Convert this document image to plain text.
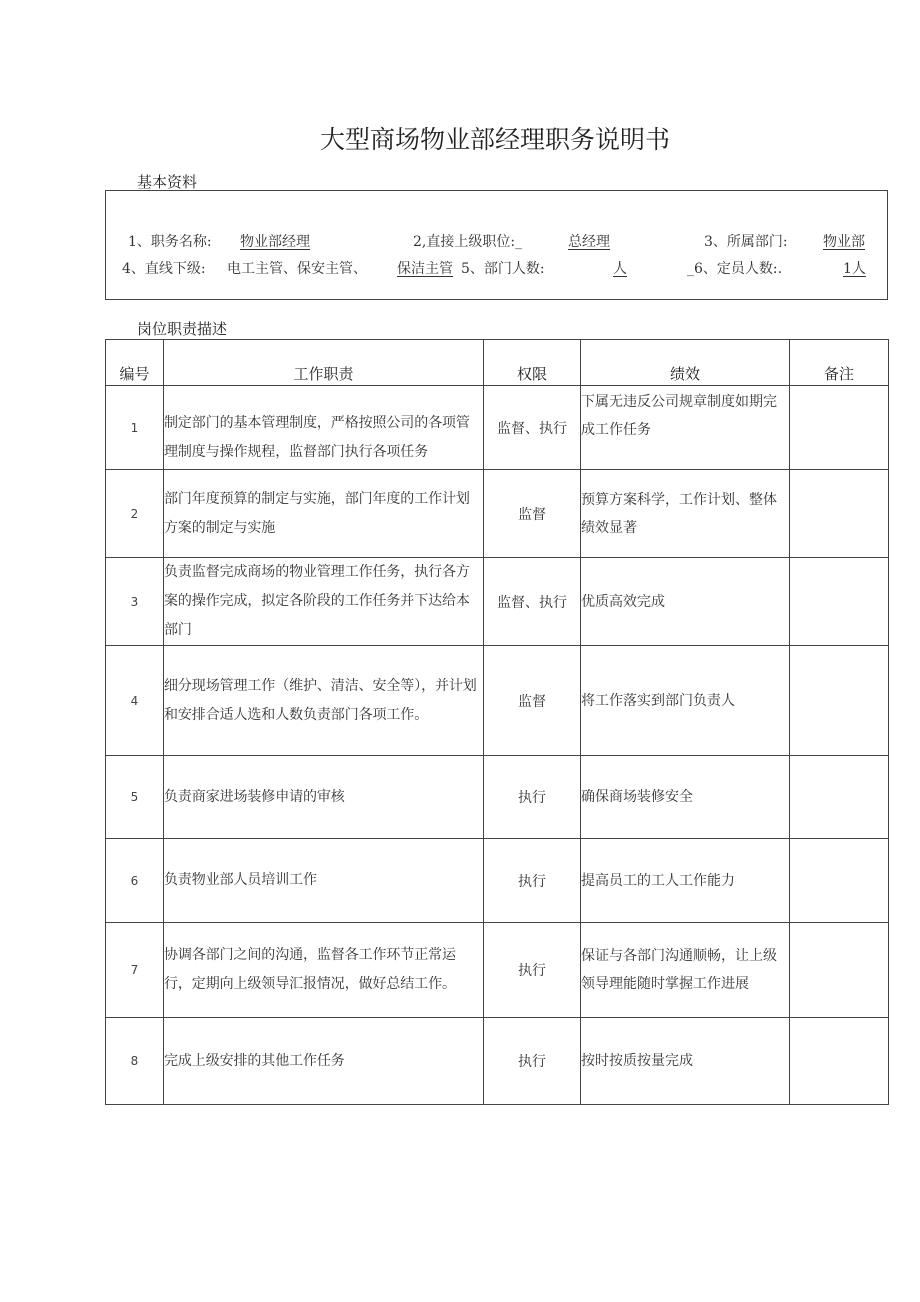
大型商场物业部经理职务说明书
基本资料
1、职务名称: 物业部经理	2,直接上级职位:_	总经理	3、所属部门:	物业部
4、直线下级: 电工主管、保安主管、 保洁主管 5、部门人数:	人	_6、定员人数:.	1人
岗位职责描述
编号	工作职责	权限	绩效	备注
1	制定部门的基本管理制度，严格按照公司的各项管理制度与操作规程，监督部门执行各项任务	监督、执行	下属无违反公司规章制度如期完成工作任务	
2	部门年度预算的制定与实施，部门年度的工作计划方案的制定与实施	监督	预算方案科学，工作计划、整体绩效显著	
3	负责监督完成商场的物业管理工作任务，执行各方案的操作完成，拟定各阶段的工作任务并下达给本部门	监督、执行	优质高效完成	
4	细分现场管理工作（维护、清洁、安全等），并计划和安排合适人选和人数负责部门各项工作。	监督	将工作落实到部门负责人	
5	负责商家进场装修申请的审核	执行	确保商场装修安全	
6	负责物业部人员培训工作	执行	提高员工的工人工作能力	
7	协调各部门之间的沟通，监督各工作环节正常运行，定期向上级领导汇报情况，做好总结工作。	执行	保证与各部门沟通顺畅，让上级领导理能随时掌握工作进展	
8	完成上级安排的其他工作任务	执行	按时按质按量完成	
